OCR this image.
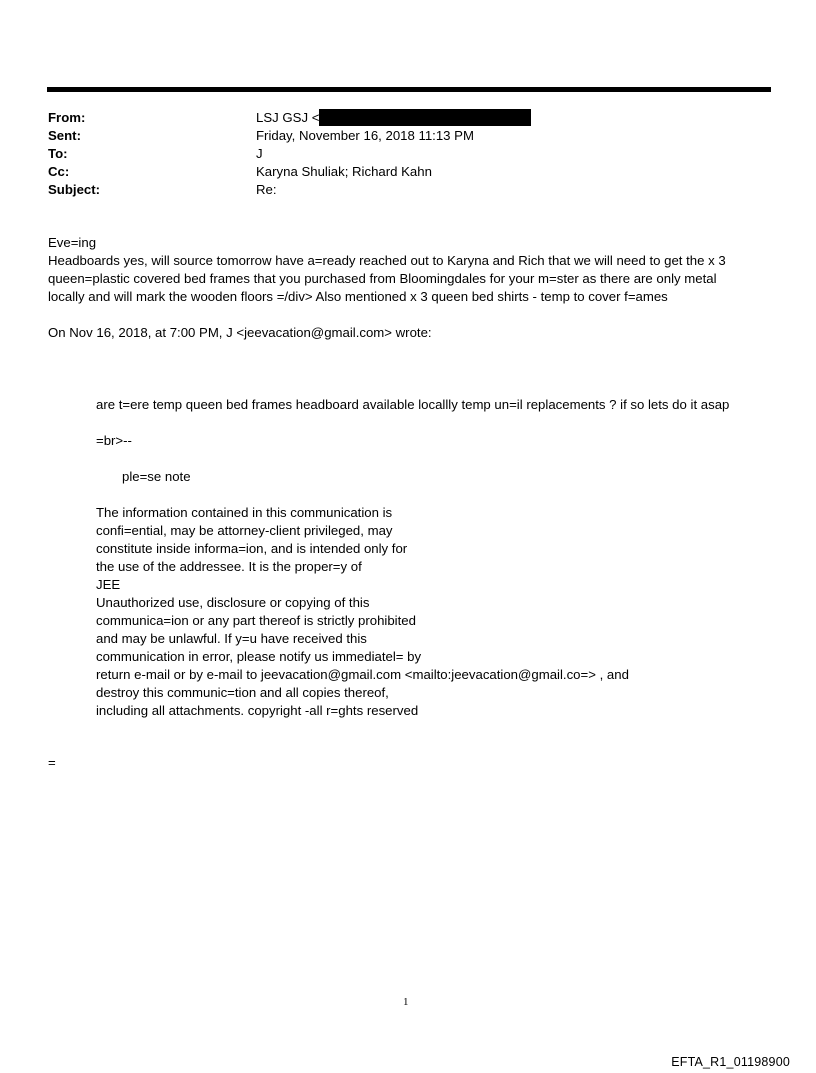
From:	LSJ GSJ <
Sent:	Friday, November 16, 2018 11:13 PM
To:	J
Cc:	Karyna Shuliak; Richard Kahn
Subject:	Re:
Eve=ing
Headboards yes, will source tomorrow have a=ready reached out to Karyna and Rich that we will need to get the x 3
queen=plastic covered bed frames that you purchased from Bloomingdales for your m=ster as there are only metal
locally and will mark the wooden floors =/div> Also mentioned x 3 queen bed shirts - temp to cover f=ames
On Nov 16, 2018, at 7:00 PM, J <jeevacation@gmail.com> wrote:
are t=ere temp queen bed frames headboard available locallly temp un=il replacements ? if so lets do it asap
=br>--
ple=se note
The information contained in this communication is
confi=ential, may be attorney-client privileged, may
constitute inside informa=ion, and is intended only for
the use of the addressee. It is the proper=y of
JEE
Unauthorized use, disclosure or copying of this
communica=ion or any part thereof is strictly prohibited
and may be unlawful. If y=u have received this
communication in error, please notify us immediatel= by
return e-mail or by e-mail to jeevacation@gmail.com <mailto:jeevacation@gmail.co=> , and
destroy this communic=tion and all copies thereof,
including all attachments. copyright -all r=ghts reserved
=
1
EFTA_R1_01198900
